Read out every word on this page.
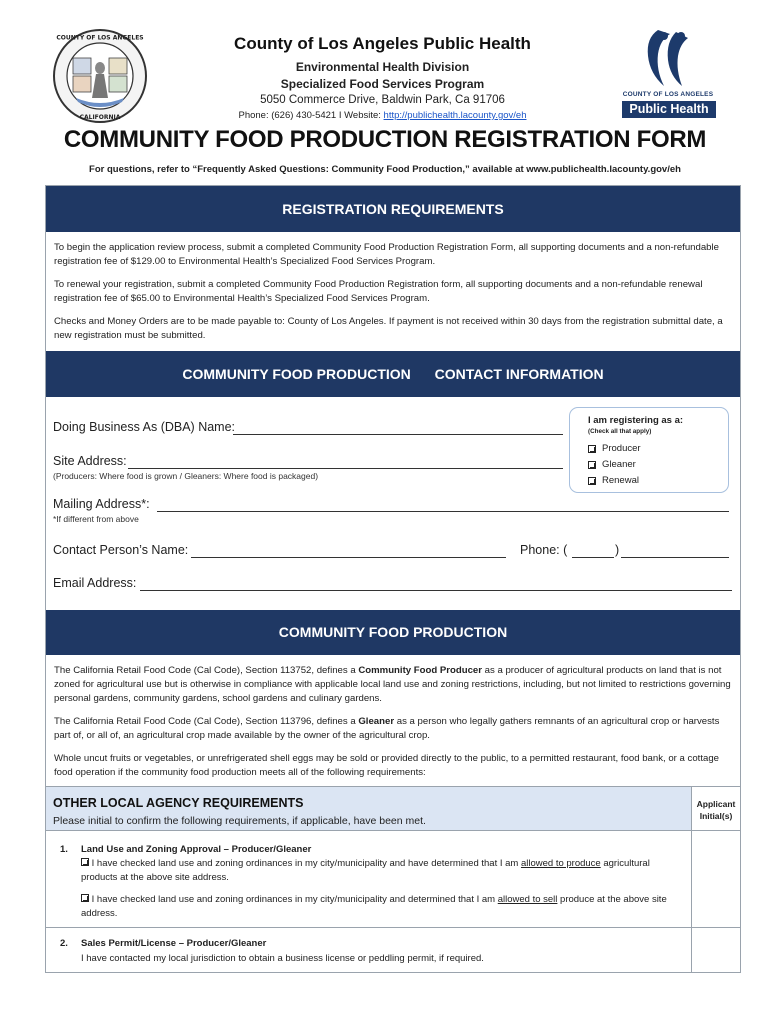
COUNTY OF LOS ANGELES
CALIFORNIA
County of Los Angeles Public Health
Environmental Health Division
Specialized Food Services Program
5050 Commerce Drive, Baldwin Park, Ca 91706
Phone: (626) 430-5421 I Website: http://publichealth.lacounty.gov/eh
COUNTY OF LOS ANGELES
Public Health
COMMUNITY FOOD PRODUCTION REGISTRATION FORM
For questions, refer to “Frequently Asked Questions: Community Food Production,” available at www.publichealth.lacounty.gov/eh
REGISTRATION REQUIREMENTS
To begin the application review process, submit a completed Community Food Production Registration Form, all supporting documents and a non-refundable registration fee of $129.00 to Environmental Health’s Specialized Food Services Program.
To renewal your registration, submit a completed Community Food Production Registration form, all supporting documents and a non-refundable renewal registration fee of $65.00 to Environmental Health’s Specialized Food Services Program.
Checks and Money Orders are to be made payable to: County of Los Angeles. If payment is not received within 30 days from the registration submittal date, a new registration must be submitted.
COMMUNITY FOOD PRODUCTION CONTACT INFORMATION
Doing Business As (DBA) Name:
Site Address:
(Producers: Where food is grown / Gleaners: Where food is packaged)
I am registering as a:
(Check all that apply)
Producer
Gleaner
Renewal
Mailing Address*:
*If different from above
Contact Person’s Name:	Phone: (	)
Email Address:
COMMUNITY FOOD PRODUCTION
The California Retail Food Code (Cal Code), Section 113752, defines a Community Food Producer as a producer of agricultural products on land that is not zoned for agricultural use but is otherwise in compliance with applicable local land use and zoning restrictions, including, but not limited to restrictions governing personal gardens, community gardens, school gardens and culinary gardens.
The California Retail Food Code (Cal Code), Section 113796, defines a Gleaner as a person who legally gathers remnants of an agricultural crop or harvests part of, or all of, an agricultural crop made available by the owner of the agricultural crop.
Whole uncut fruits or vegetables, or unrefrigerated shell eggs may be sold or provided directly to the public, to a permitted restaurant, food bank, or a cottage food operation if the community food production meets all of the following requirements:
OTHER LOCAL AGENCY REQUIREMENTS
Please initial to confirm the following requirements, if applicable, have been met.
Applicant
Initial(s)
1. Land Use and Zoning Approval – Producer/Gleaner
I have checked land use and zoning ordinances in my city/municipality and have determined that I am allowed to produce agricultural products at the above site address.
I have checked land use and zoning ordinances in my city/municipality and determined that I am allowed to sell produce at the above site address.
2. Sales Permit/License – Producer/Gleaner
I have contacted my local jurisdiction to obtain a business license or peddling permit, if required.
